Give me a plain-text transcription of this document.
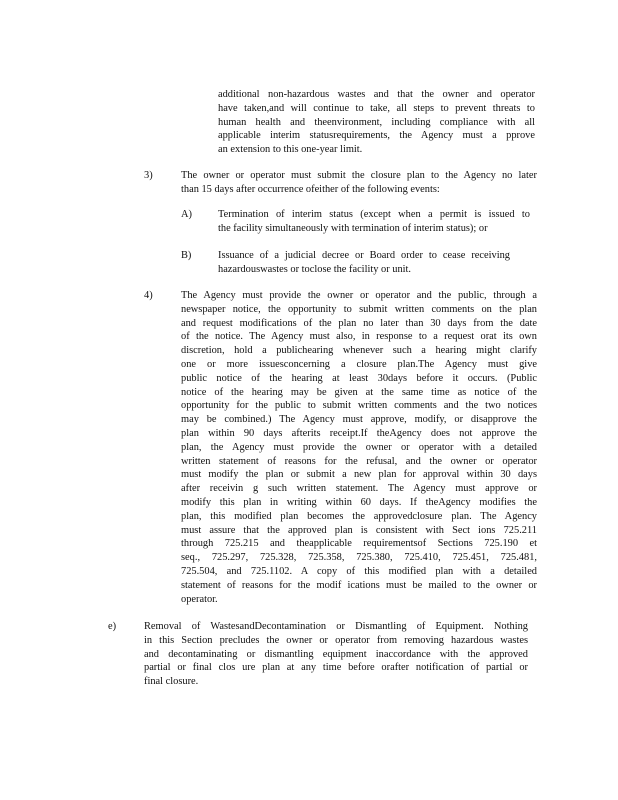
additional non-hazardous wastes and that the owner and operator
have taken,and will continue to take, all steps to prevent threats to
human health and theenvironment, including compliance with all
applicable interim statusrequirements, the Agency must a pprove
an extension to this one-year limit.
3)	The owner or operator must submit the closure plan to the Agency no later
than 15 days after occurrence ofeither of the following events:
A)	Termination of interim status (except when a permit is issued to
the facility simultaneously with termination of interim status); or
B)	Issuance of a judicial decree or Board order to cease receiving
hazardouswastes or toclose the facility or unit.
4)	The Agency must provide the owner or operator and the public, through a
newspaper notice, the opportunity to submit written comments on the plan
and request modifications of the plan no later than 30 days from the date
of the notice. The Agency must also, in response to a request orat its own
discretion, hold a publichearing whenever such a hearing might clarify
one or more issuesconcerning a closure plan.The Agency must give
public notice of the hearing at least 30days before it occurs. (Public
notice of the hearing may be given at the same time as notice of the
opportunity for the public to submit written comments and the two notices
may be combined.) The Agency must approve, modify, or disapprove the
plan within 90 days afterits receipt.If theAgency does not approve the
plan, the Agency must provide the owner or operator with a detailed
written statement of reasons for the refusal, and the owner or operator
must modify the plan or submit a new plan for approval within 30 days
after receivin g such written statement. The Agency must approve or
modify this plan in writing within 60 days. If theAgency modifies the
plan, this modified plan becomes the approvedclosure plan. The Agency
must assure that the approved plan is consistent with Sect ions 725.211
through 725.215 and theapplicable requirementsof Sections 725.190 et
seq., 725.297, 725.328, 725.358, 725.380, 725.410, 725.451, 725.481,
725.504, and 725.1102. A copy of this modified plan with a detailed
statement of reasons for the modif ications must be mailed to the owner or
operator.
e)	Removal of WastesandDecontamination or Dismantling of Equipment. Nothing
in this Section precludes the owner or operator from removing hazardous wastes
and decontaminating or dismantling equipment inaccordance with the approved
partial or final clos ure plan at any time before orafter notification of partial or
final closure.
